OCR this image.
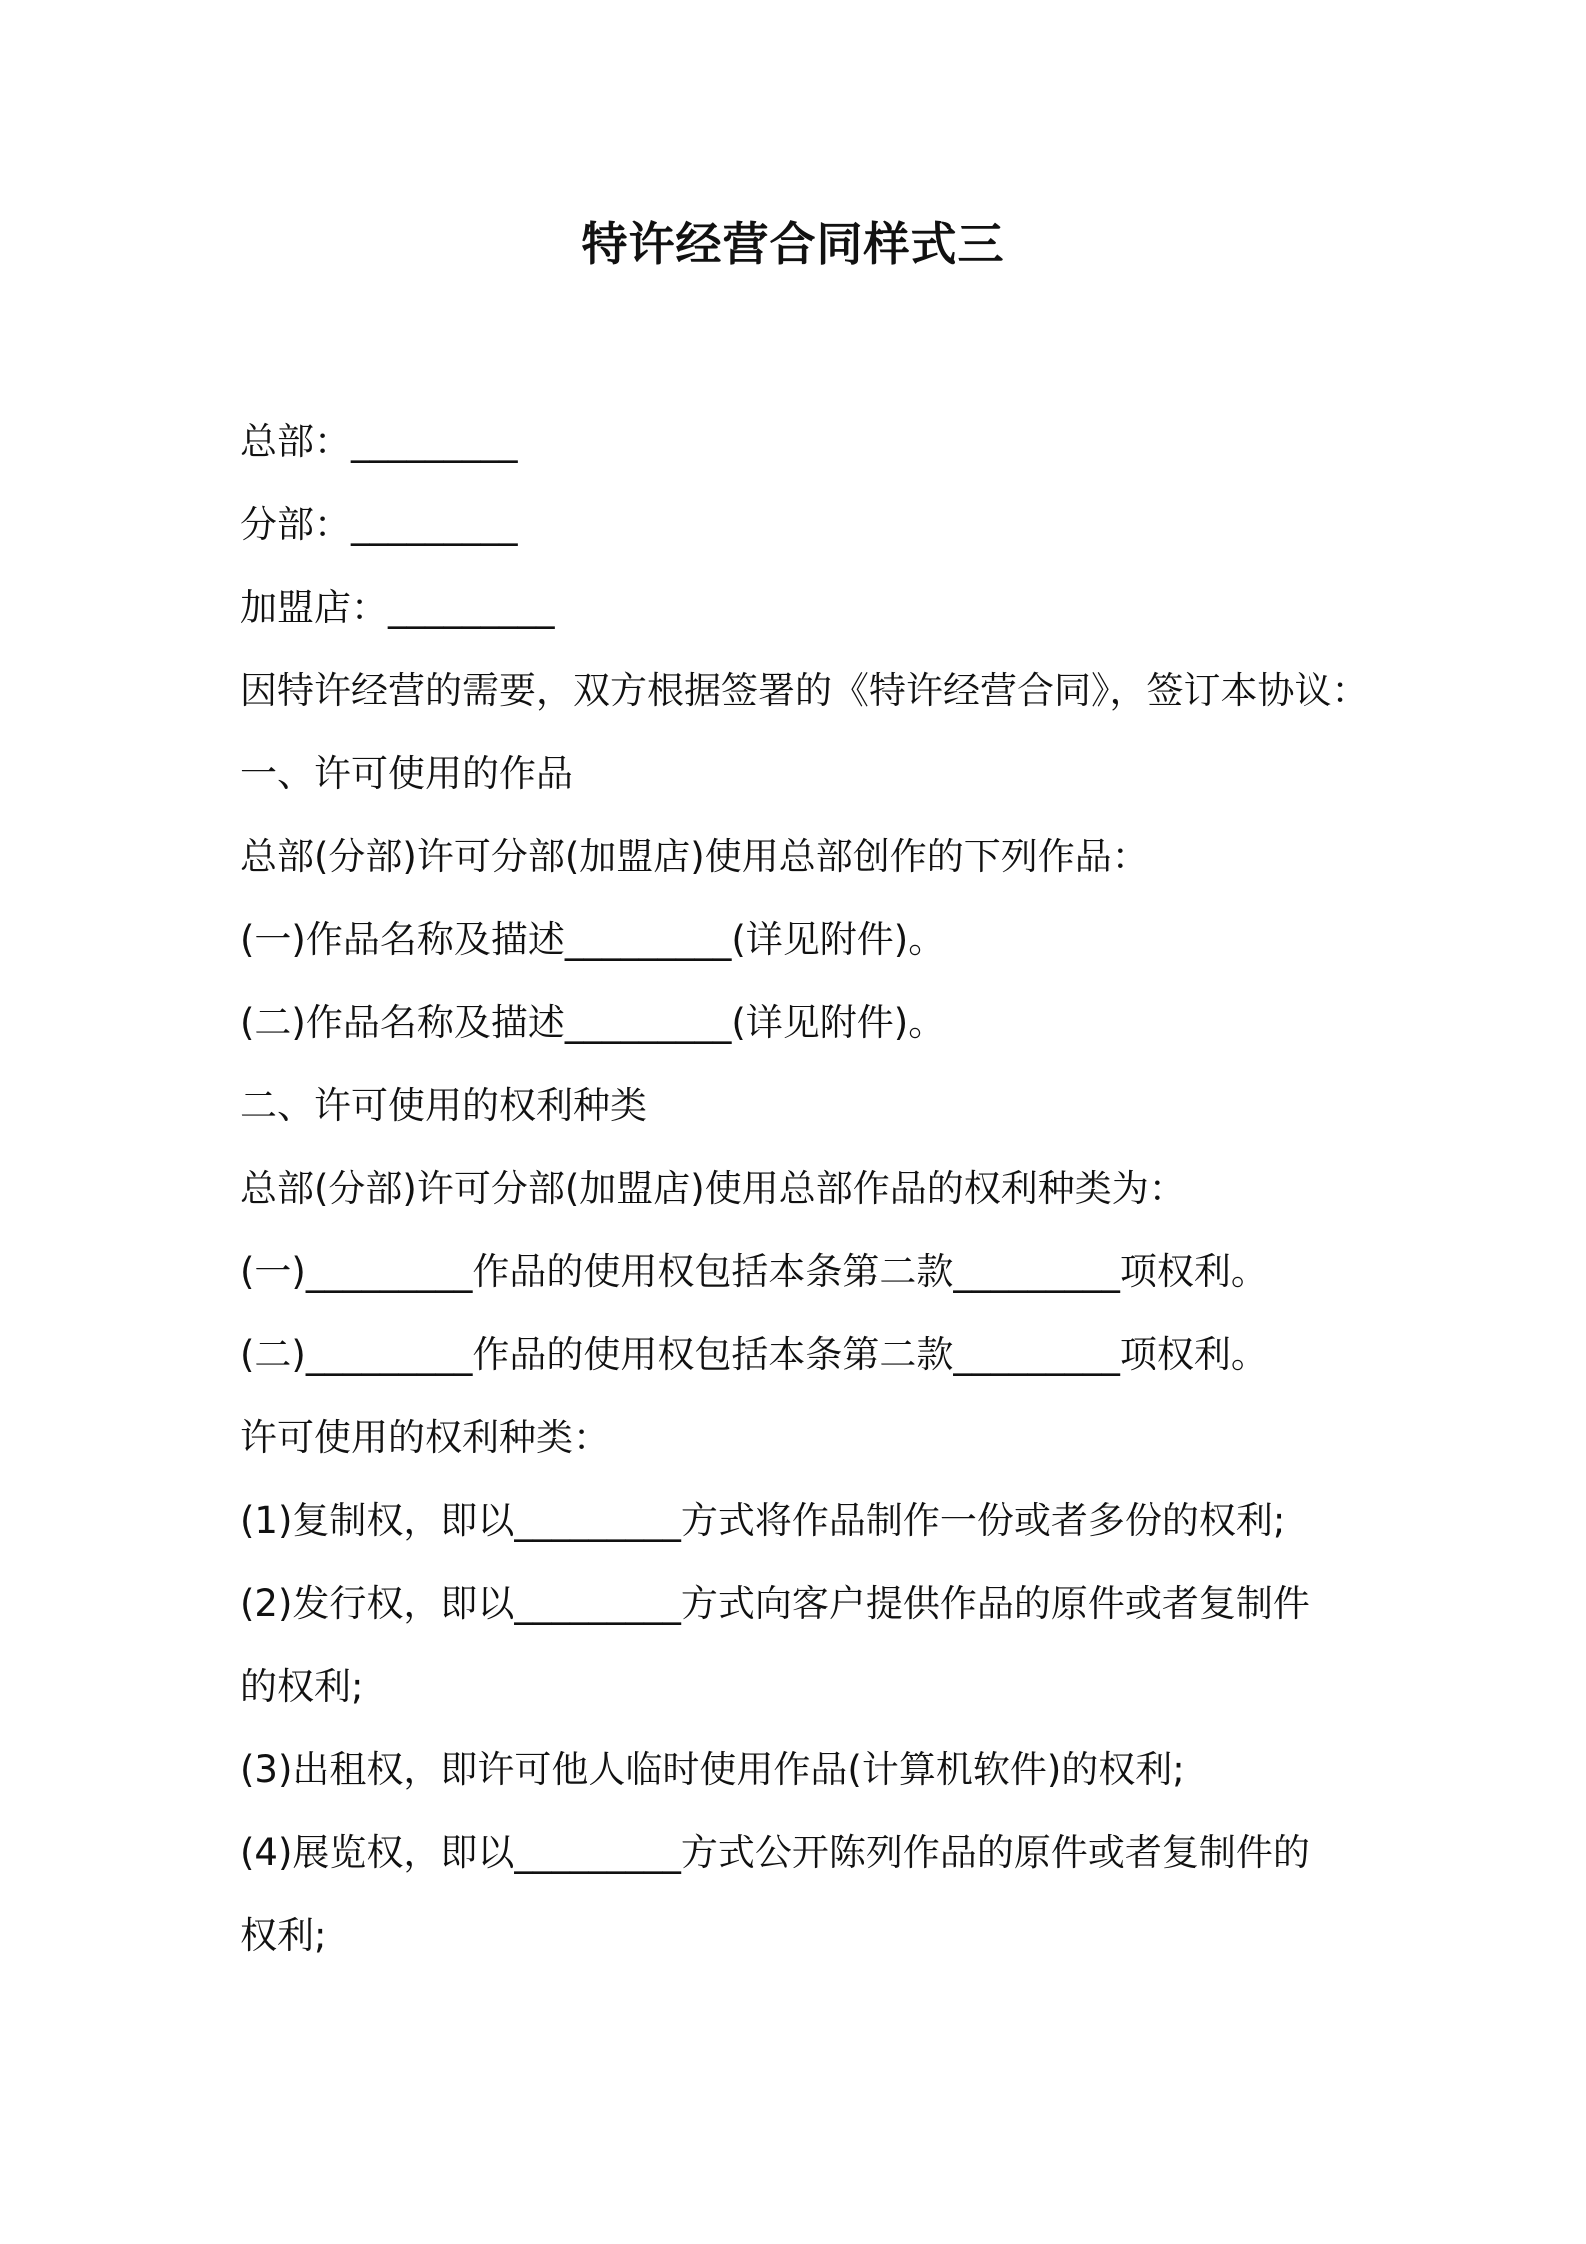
特许经营合同样式三
总部：_________
分部：_________
加盟店：_________
因特许经营的需要，双方根据签署的《特许经营合同》，签订本协议：
一、许可使用的作品
总部(分部)许可分部(加盟店)使用总部创作的下列作品：
(一)作品名称及描述_________(详见附件)。
(二)作品名称及描述_________(详见附件)。
二、许可使用的权利种类
总部(分部)许可分部(加盟店)使用总部作品的权利种类为：
(一)_________作品的使用权包括本条第二款_________项权利。
(二)_________作品的使用权包括本条第二款_________项权利。
许可使用的权利种类：
(1)复制权，即以_________方式将作品制作一份或者多份的权利;
(2)发行权，即以_________方式向客户提供作品的原件或者复制件
的权利;
(3)出租权，即许可他人临时使用作品(计算机软件)的权利;
(4)展览权，即以_________方式公开陈列作品的原件或者复制件的
权利;
